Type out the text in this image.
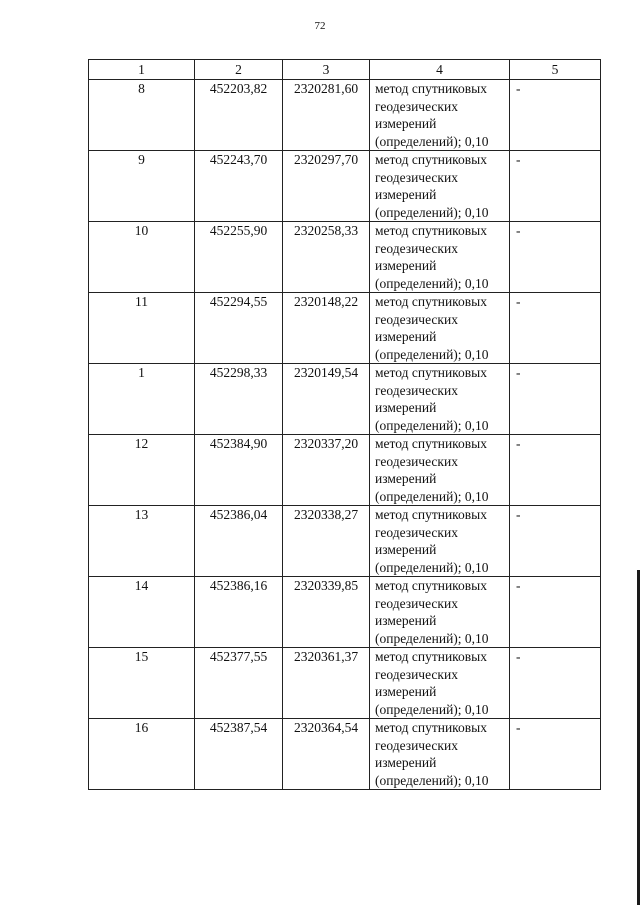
72
1	2	3	4	5
8	452203,82	2320281,60	метод спутниковых
геодезических
измерений
(определений); 0,10	-
9	452243,70	2320297,70	метод спутниковых
геодезических
измерений
(определений); 0,10	-
10	452255,90	2320258,33	метод спутниковых
геодезических
измерений
(определений); 0,10	-
11	452294,55	2320148,22	метод спутниковых
геодезических
измерений
(определений); 0,10	-
1	452298,33	2320149,54	метод спутниковых
геодезических
измерений
(определений); 0,10	-
12	452384,90	2320337,20	метод спутниковых
геодезических
измерений
(определений); 0,10	-
13	452386,04	2320338,27	метод спутниковых
геодезических
измерений
(определений); 0,10	-
14	452386,16	2320339,85	метод спутниковых
геодезических
измерений
(определений); 0,10	-
15	452377,55	2320361,37	метод спутниковых
геодезических
измерений
(определений); 0,10	-
16	452387,54	2320364,54	метод спутниковых
геодезических
измерений
(определений); 0,10	-
